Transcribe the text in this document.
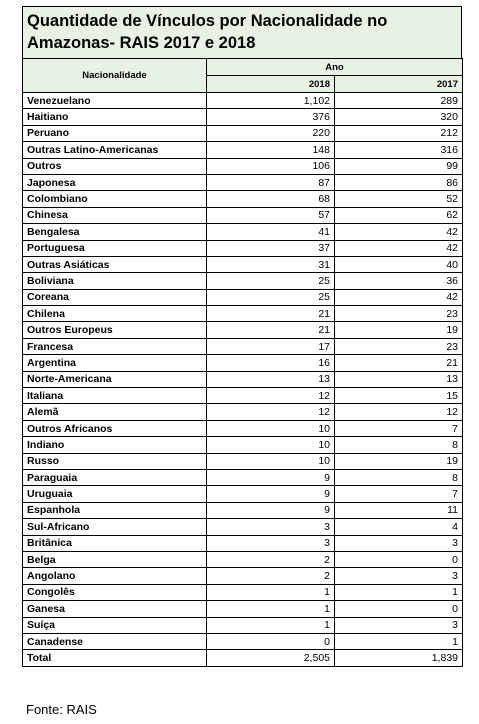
Quantidade de Vínculos por Nacionalidade no
Amazonas- RAIS 2017 e 2018
Nacionalidade	Ano	
	2018	2017
Venezuelano	1,102	289
Haitiano	376	320
Peruano	220	212
Outras Latino-Americanas	148	316
Outros	106	99
Japonesa	87	86
Colombiano	68	52
Chinesa	57	62
Bengalesa	41	42
Portuguesa	37	42
Outras Asiáticas	31	40
Boliviana	25	36
Coreana	25	42
Chilena	21	23
Outros Europeus	21	19
Francesa	17	23
Argentina	16	21
Norte-Americana	13	13
Italiana	12	15
Alemã	12	12
Outros Africanos	10	7
Indiano	10	8
Russo	10	19
Paraguaia	9	8
Uruguaia	9	7
Espanhola	9	11
Sul-Africano	3	4
Britânica	3	3
Belga	2	0
Angolano	2	3
Congolês	1	1
Ganesa	1	0
Suíça	1	3
Canadense	0	1
Total	2,505	1,839
Fonte: RAIS
